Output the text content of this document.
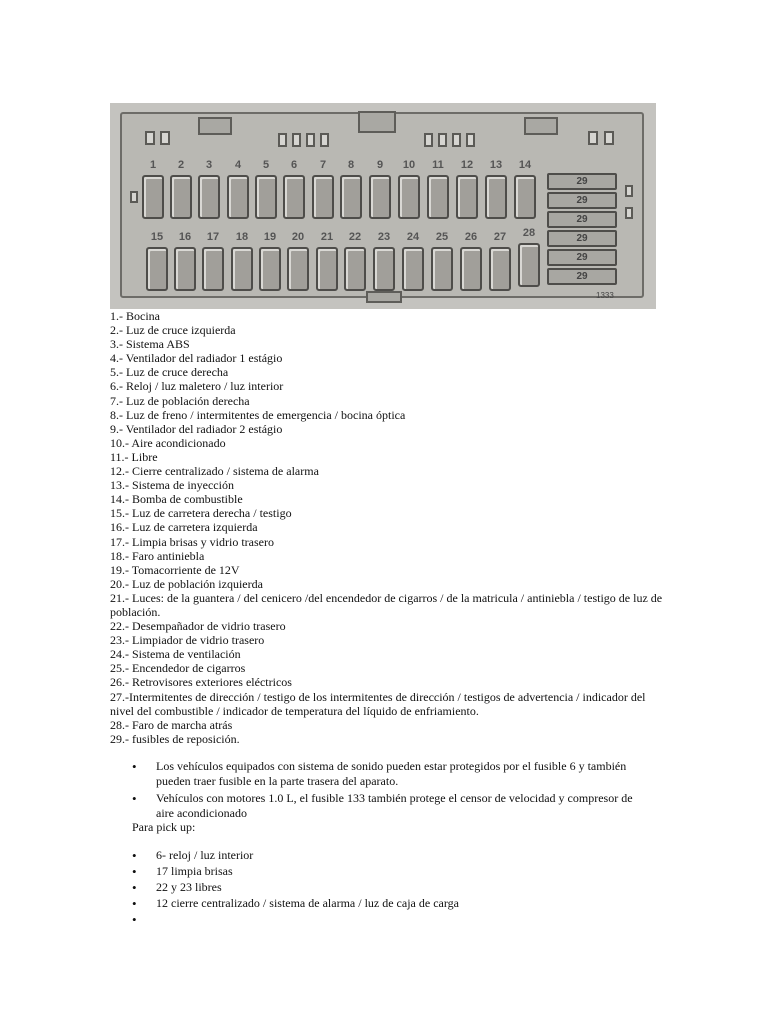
1	2	3	4	5	6	7	8	9	10	11	12	13	14
15	16	17	18	19	20	21	22	23	24	25	26	27	28
29
29
29
29
29
29
1333
1.- Bocina
2.- Luz de cruce izquierda
3.- Sistema ABS
4.- Ventilador del radiador 1 estágio
5.- Luz de cruce derecha
6.- Reloj / luz maletero / luz interior
7.- Luz de población derecha
8.- Luz de freno / intermitentes de emergencia / bocina óptica
9.- Ventilador del radiador 2 estágio
10.- Aire acondicionado
11.- Libre
12.- Cierre centralizado / sistema de alarma
13.- Sistema de inyección
14.- Bomba de combustible
15.- Luz de carretera derecha / testigo
16.- Luz de carretera izquierda
17.- Limpia brisas y vidrio trasero
18.- Faro antiniebla
19.- Tomacorriente de 12V
20.- Luz de población izquierda
21.- Luces: de la guantera / del cenicero /del encendedor de cigarros / de la matricula / antiniebla / testigo de luz de población.
22.- Desempañador de vidrio trasero
23.- Limpiador de vidrio trasero
24.- Sistema de ventilación
25.- Encendedor de cigarros
26.- Retrovisores exteriores eléctricos
27.-Intermitentes de dirección / testigo de los intermitentes de dirección / testigos de advertencia / indicador del nivel del combustible / indicador de temperatura del líquido de enfriamiento.
28.- Faro de marcha atrás
29.- fusibles de reposición.
• Los vehículos equipados con sistema de sonido pueden estar protegidos por el fusible 6 y también pueden traer fusible en la parte trasera del aparato.
• Vehículos con motores 1.0 L, el fusible 133 también protege el censor de velocidad y compresor de aire acondicionado
Para pick up:
• 6- reloj / luz interior
• 17 limpia brisas
• 22 y 23 libres
• 12 cierre centralizado / sistema de alarma / luz de caja de carga
•
